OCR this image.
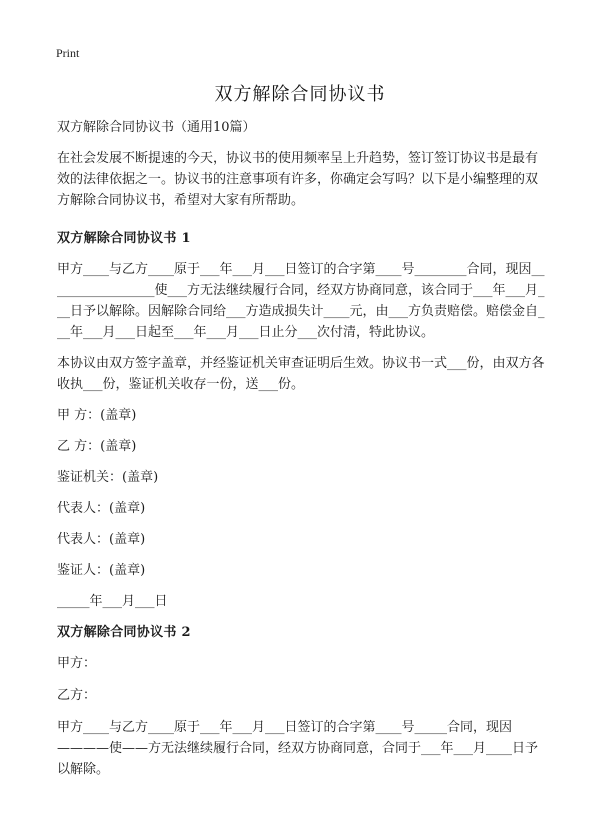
Print
双方解除合同协议书

双方解除合同协议书（通用10篇）

在社会发展不断提速的今天，协议书的使用频率呈上升趋势，签订签订协议书是最有效的法律依据之一。协议书的注意事项有许多，你确定会写吗？以下是小编整理的双方解除合同协议书，希望对大家有所帮助。

双方解除合同协议书 1

甲方____与乙方____原于___年___月___日签订的合字第____号________合同，现因_________________使___方无法继续履行合同，经双方协商同意，该合同于___年___月___日予以解除。因解除合同给___方造成损失计____元，由___方负责赔偿。赔偿金自___年___月___日起至___年___月___日止分___次付清，特此协议。

本协议由双方签字盖章，并经鉴证机关审查证明后生效。协议书一式___份，由双方各收执___份，鉴证机关收存一份，送___份。

甲 方：(盖章)
乙 方：(盖章)
鉴证机关：(盖章)
代表人：(盖章)
代表人：(盖章)
鉴证人：(盖章)
_____年___月___日

双方解除合同协议书 2

甲方：
乙方：

甲方____与乙方____原于___年___月___日签订的合字第____号_____合同，现因————使——方无法继续履行合同，经双方协商同意，合同于___年___月____日予以解除。
